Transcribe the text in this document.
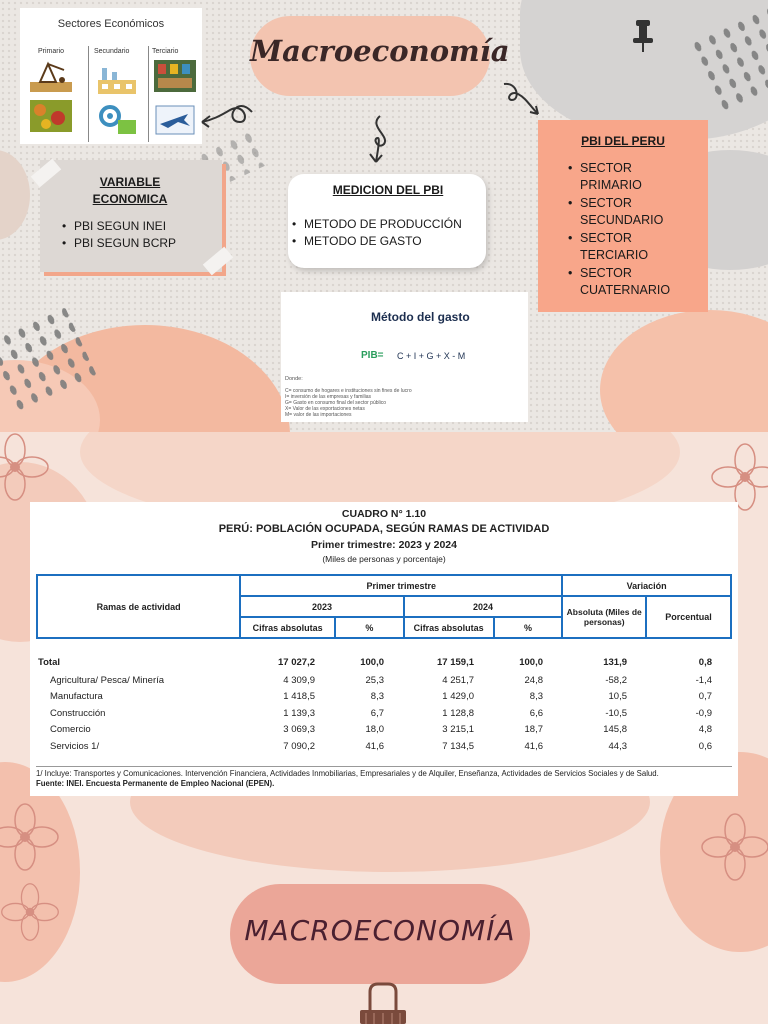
Sectores Económicos
Primario	Secundario	Terciario Macroeconomía
VARIABLE ECONOMICA
• PBI SEGUN INEI
• PBI SEGUN BCRP
MEDICION DEL PBI
• METODO DE PRODUCCIÓN
• METODO DE GASTO
PBI DEL PERU
• SECTOR PRIMARIO
• SECTOR SECUNDARIO
• SECTOR TERCIARIO
• SECTOR CUATERNARIO
Método del gasto
PIB= C + I + G + X - M
Donde:
C= consumo de hogares e instituciones sin fines de lucro
I= inversión de las empresas y familias
G= Gasto en consumo final del sector público
X= Valor de las exportaciones netas
M= valor de las importaciones
CUADRO N° 1.10
PERÚ: POBLACIÓN OCUPADA, SEGÚN RAMAS DE ACTIVIDAD
Primer trimestre: 2023 y 2024
(Miles de personas y porcentaje)
Ramas de actividad	Primer trimestre				Variación	
	2023		2024		Absoluta (Miles de personas)	Porcentual
	Cifras absolutas	%	Cifras absolutas	%		
Total	17 027,2	100,0	17 159,1	100,0	131,9	0,8
Agricultura/ Pesca/ Minería	4 309,9	25,3	4 251,7	24,8	-58,2	-1,4
Manufactura	1 418,5	8,3	1 429,0	8,3	10,5	0,7
Construcción	1 139,3	6,7	1 128,8	6,6	-10,5	-0,9
Comercio	3 069,3	18,0	3 215,1	18,7	145,8	4,8
Servicios 1/	7 090,2	41,6	7 134,5	41,6	44,3	0,6
1/ Incluye: Transportes y Comunicaciones. Intervención Financiera, Actividades Inmobiliarias, Empresariales y de Alquiler, Enseñanza, Actividades de Servicios Sociales y de Salud.
Fuente: INEI. Encuesta Permanente de Empleo Nacional (EPEN).
MACROECONOMÍA
